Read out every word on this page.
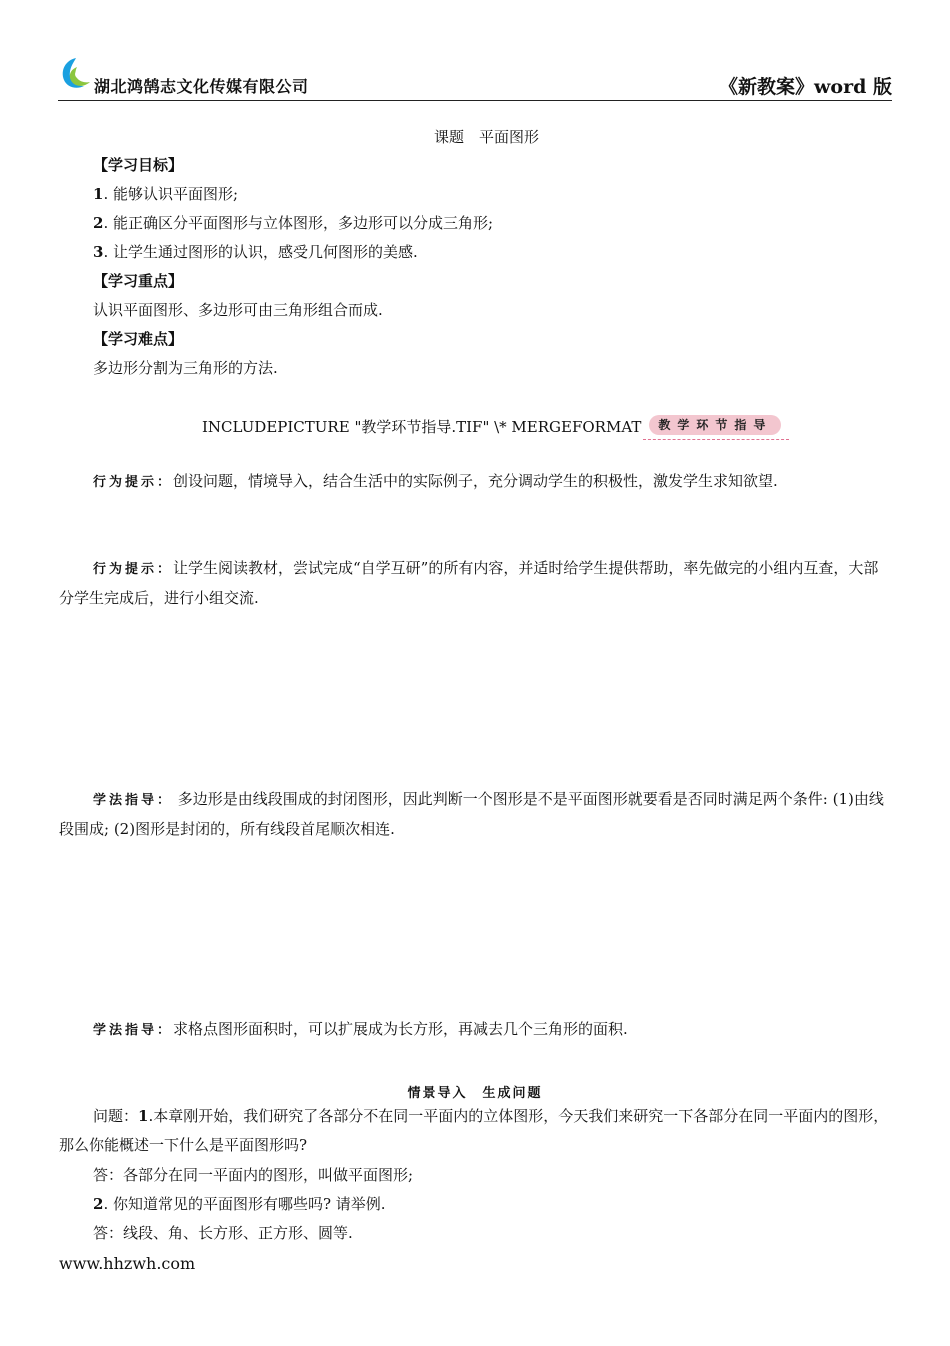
湖北鸿鹄志文化传媒有限公司	《新教案》word 版
课题　平面图形
【学习目标】
1. 能够认识平面图形;
2. 能正确区分平面图形与立体图形，多边形可以分成三角形;
3. 让学生通过图形的认识，感受几何图形的美感.
【学习重点】
认识平面图形、多边形可由三角形组合而成.
【学习难点】
多边形分割为三角形的方法.
INCLUDEPICTURE "教学环节指导.TIF" \* MERGEFORMAT	教学环节指导
行为提示：创设问题，情境导入，结合生活中的实际例子，充分调动学生的积极性，激发学生求知欲望.
行为提示：让学生阅读教材，尝试完成“自学互研”的所有内容，并适时给学生提供帮助，率先做完的小组内互查，大部分学生完成后，进行小组交流.
学法指导： 多边形是由线段围成的封闭图形，因此判断一个图形是不是平面图形就要看是否同时满足两个条件: (1)由线段围成; (2)图形是封闭的，所有线段首尾顺次相连.
学法指导：求格点图形面积时，可以扩展成为长方形，再减去几个三角形的面积.
情景导入　生成问题
问题：1.本章刚开始，我们研究了各部分不在同一平面内的立体图形，今天我们来研究一下各部分在同一平面内的图形，那么你能概述一下什么是平面图形吗?
答：各部分在同一平面内的图形，叫做平面图形;
2. 你知道常见的平面图形有哪些吗? 请举例.
答：线段、角、长方形、正方形、圆等.
www.hhzwh.com
